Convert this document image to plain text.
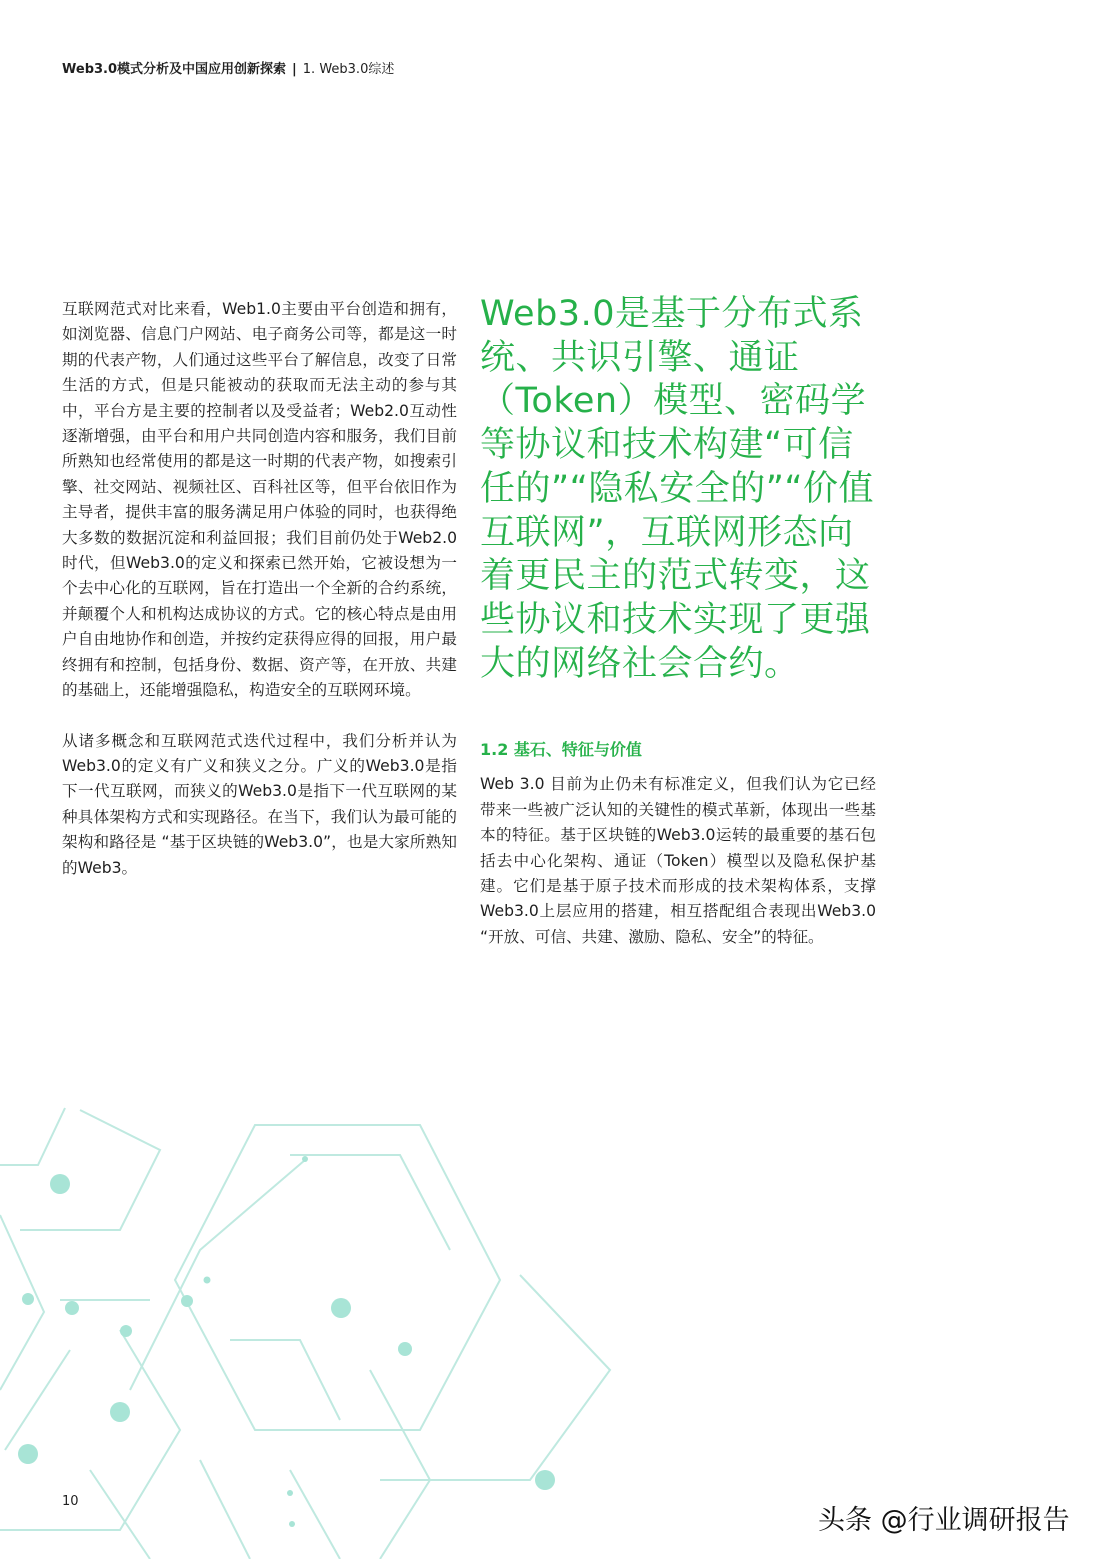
Web3.0模式分析及中国应用创新探索 | 1. Web3.0综述

互联网范式对比来看，Web1.0主要由平台创造和拥有，如浏览器、信息门户网站、电子商务公司等，都是这一时期的代表产物，人们通过这些平台了解信息，改变了日常生活的方式，但是只能被动的获取而无法主动的参与其中，平台方是主要的控制者以及受益者；Web2.0互动性逐渐增强，由平台和用户共同创造内容和服务，我们目前所熟知也经常使用的都是这一时期的代表产物，如搜索引擎、社交网站、视频社区、百科社区等，但平台依旧作为主导者，提供丰富的服务满足用户体验的同时，也获得绝大多数的数据沉淀和利益回报；我们目前仍处于Web2.0时代，但Web3.0的定义和探索已然开始，它被设想为一个去中心化的互联网，旨在打造出一个全新的合约系统，并颠覆个人和机构达成协议的方式。它的核心特点是由用户自由地协作和创造，并按约定获得应得的回报，用户最终拥有和控制，包括身份、数据、资产等，在开放、共建的基础上，还能增强隐私，构造安全的互联网环境。

从诸多概念和互联网范式迭代过程中，我们分析并认为Web3.0的定义有广义和狭义之分。广义的Web3.0是指下一代互联网，而狭义的Web3.0是指下一代互联网的某种具体架构方式和实现路径。在当下，我们认为最可能的架构和路径是 “基于区块链的Web3.0”，也是大家所熟知的Web3。

Web3.0是基于分布式系统、共识引擎、通证（Token）模型、密码学等协议和技术构建“可信任的”“隐私安全的”“价值互联网”，互联网形态向着更民主的范式转变，这些协议和技术实现了更强大的网络社会合约。

1.2 基石、特征与价值

Web 3.0 目前为止仍未有标准定义，但我们认为它已经带来一些被广泛认知的关键性的模式革新，体现出一些基本的特征。基于区块链的Web3.0运转的最重要的基石包括去中心化架构、通证（Token）模型以及隐私保护基建。它们是基于原子技术而形成的技术架构体系，支撑Web3.0上层应用的搭建，相互搭配组合表现出Web3.0 “开放、可信、共建、激励、隐私、安全”的特征。

10
头条 @行业调研报告
